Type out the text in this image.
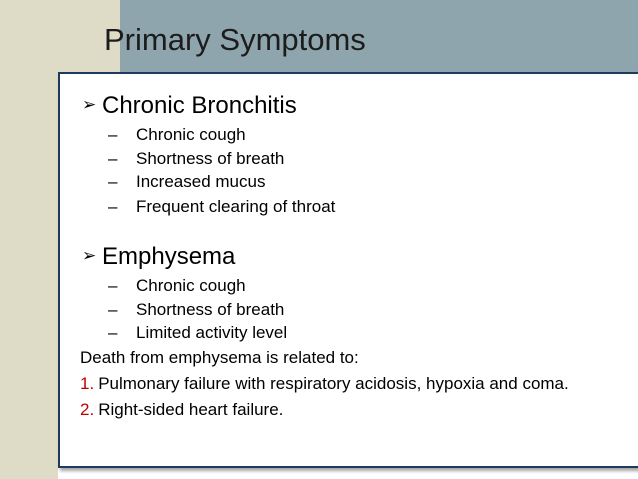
Primary Symptoms
➢ Chronic Bronchitis
– Chronic cough
– Shortness of breath
– Increased mucus
– Frequent clearing of throat
➢ Emphysema
– Chronic cough
– Shortness of breath
– Limited activity level
Death from emphysema is related to:
1. Pulmonary failure with respiratory acidosis, hypoxia and coma.
2. Right-sided heart failure.
